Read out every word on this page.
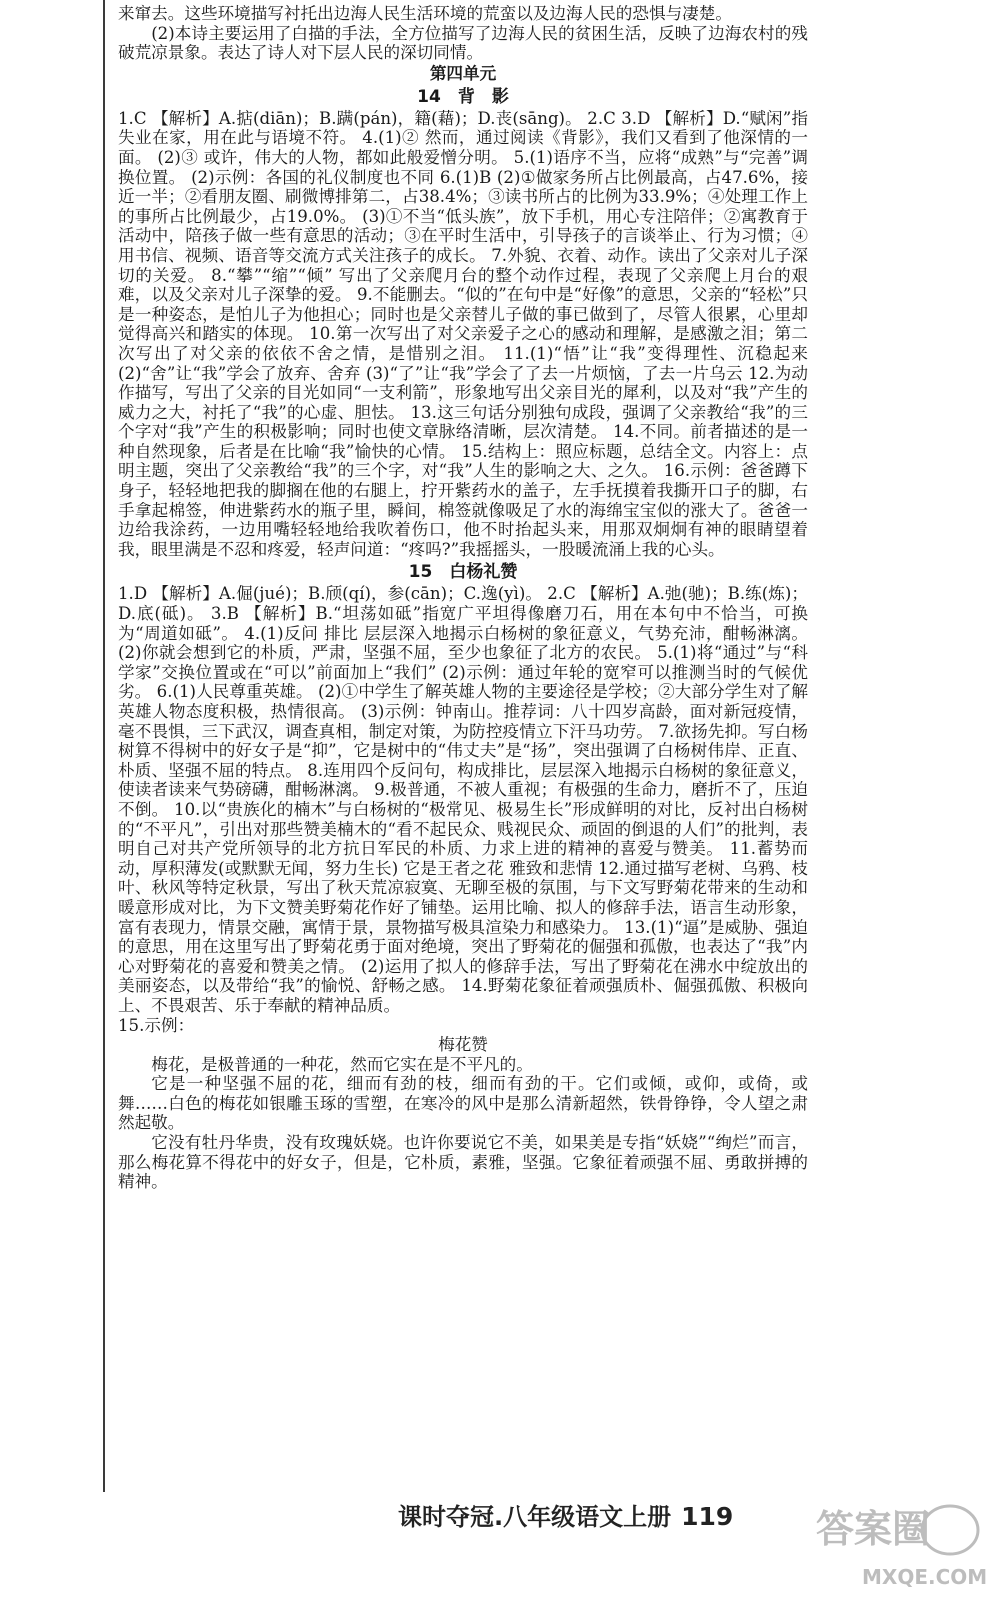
来窜去。这些环境描写衬托出边海人民生活环境的荒蛮以及边海人民的恐惧与凄楚。

(2)本诗主要运用了白描的手法，全方位描写了边海人民的贫困生活，反映了边海农村的残破荒凉景象。表达了诗人对下层人民的深切同情。

第四单元
14　背　影

1.C 【解析】A.掂(diān)；B.蹒(pán)，籍(藉)；D.丧(sāng)。 2.C 3.D 【解析】D.“赋闲”指失业在家，用在此与语境不符。 4.(1)② 然而，通过阅读《背影》，我们又看到了他深情的一面。 (2)③ 或许，伟大的人物，都如此般爱憎分明。 5.(1)语序不当，应将“成熟”与“完善”调换位置。 (2)示例：各国的礼仪制度也不同 6.(1)B (2)①做家务所占比例最高，占47.6%，接近一半；②看朋友圈、刷微博排第二，占38.4%；③读书所占的比例为33.9%；④处理工作上的事所占比例最少，占19.0%。 (3)①不当“低头族”，放下手机，用心专注陪伴；②寓教育于活动中，陪孩子做一些有意思的活动；③在平时生活中，引导孩子的言谈举止、行为习惯；④用书信、视频、语音等交流方式关注孩子的成长。 7.外貌、衣着、动作。读出了父亲对儿子深切的关爱。 8.“攀”“缩”“倾” 写出了父亲爬月台的整个动作过程，表现了父亲爬上月台的艰难，以及父亲对儿子深挚的爱。 9.不能删去。“似的”在句中是“好像”的意思，父亲的“轻松”只是一种姿态，是怕儿子为他担心；同时也是父亲替儿子做的事已做到了，尽管人很累，心里却觉得高兴和踏实的体现。 10.第一次写出了对父亲爱子之心的感动和理解，是感激之泪；第二次写出了对父亲的依依不舍之情，是惜别之泪。 11.(1)“悟”让“我”变得理性、沉稳起来 (2)“舍”让“我”学会了放弃、舍弃 (3)“了”让“我”学会了了去一片烦恼，了去一片乌云 12.为动作描写，写出了父亲的目光如同“一支利箭”，形象地写出父亲目光的犀利，以及对“我”产生的威力之大，衬托了“我”的心虚、胆怯。 13.这三句话分别独句成段，强调了父亲教给“我”的三个字对“我”产生的积极影响；同时也使文章脉络清晰，层次清楚。 14.不同。前者描述的是一种自然现象，后者是在比喻“我”愉快的心情。 15.结构上：照应标题，总结全文。内容上：点明主题，突出了父亲教给“我”的三个字，对“我”人生的影响之大、之久。 16.示例：爸爸蹲下身子，轻轻地把我的脚搁在他的右腿上，拧开紫药水的盖子，左手抚摸着我撕开口子的脚，右手拿起棉签，伸进紫药水的瓶子里，瞬间，棉签就像吸足了水的海绵宝宝似的涨大了。爸爸一边给我涂药，一边用嘴轻轻地给我吹着伤口，他不时抬起头来，用那双炯炯有神的眼睛望着我，眼里满是不忍和疼爱，轻声问道：“疼吗?”我摇摇头，一股暖流涌上我的心头。

15　白杨礼赞

1.D 【解析】A.倔(jué)；B.颀(qí)，参(cān)；C.逸(yì)。 2.C 【解析】A.弛(驰)；B.练(炼)；D.底(砥)。 3.B 【解析】B.“坦荡如砥”指宽广平坦得像磨刀石，用在本句中不恰当，可换为“周道如砥”。 4.(1)反问 排比 层层深入地揭示白杨树的象征意义，气势充沛，酣畅淋漓。 (2)你就会想到它的朴质，严肃，坚强不屈，至少也象征了北方的农民。 5.(1)将“通过”与“科学家”交换位置或在“可以”前面加上“我们” (2)示例：通过年轮的宽窄可以推测当时的气候优劣。 6.(1)人民尊重英雄。 (2)①中学生了解英雄人物的主要途径是学校；②大部分学生对了解英雄人物态度积极，热情很高。 (3)示例：钟南山。推荐词：八十四岁高龄，面对新冠疫情，毫不畏惧，三下武汉，调查真相，制定对策，为防控疫情立下汗马功劳。 7.欲扬先抑。写白杨树算不得树中的好女子是“抑”，它是树中的“伟丈夫”是“扬”，突出强调了白杨树伟岸、正直、朴质、坚强不屈的特点。 8.连用四个反问句，构成排比，层层深入地揭示白杨树的象征意义，使读者读来气势磅礴，酣畅淋漓。 9.极普通，不被人重视；有极强的生命力，磨折不了，压迫不倒。 10.以“贵族化的楠木”与白杨树的“极常见、极易生长”形成鲜明的对比，反衬出白杨树的“不平凡”，引出对那些赞美楠木的“看不起民众、贱视民众、顽固的倒退的人们”的批判，表明自己对共产党所领导的北方抗日军民的朴质、力求上进的精神的喜爱与赞美。 11.蓄势而动，厚积薄发(或默默无闻，努力生长) 它是王者之花 雅致和悲情 12.通过描写老树、乌鸦、枝叶、秋风等特定秋景，写出了秋天荒凉寂寞、无聊至极的氛围，与下文写野菊花带来的生动和暖意形成对比，为下文赞美野菊花作好了铺垫。运用比喻、拟人的修辞手法，语言生动形象，富有表现力，情景交融，寓情于景，景物描写极具渲染力和感染力。 13.(1)“逼”是威胁、强迫的意思，用在这里写出了野菊花勇于面对绝境，突出了野菊花的倔强和孤傲，也表达了“我”内心对野菊花的喜爱和赞美之情。 (2)运用了拟人的修辞手法，写出了野菊花在沸水中绽放出的美丽姿态，以及带给“我”的愉悦、舒畅之感。 14.野菊花象征着顽强质朴、倔强孤傲、积极向上、不畏艰苦、乐于奉献的精神品质。

15.示例：

梅花赞

梅花，是极普通的一种花，然而它实在是不平凡的。

它是一种坚强不屈的花，细而有劲的枝，细而有劲的干。它们或倾，或仰，或倚，或舞……白色的梅花如银雕玉琢的雪塑，在寒冷的风中是那么清新超然，铁骨铮铮，令人望之肃然起敬。

它没有牡丹华贵，没有玫瑰妖娆。也许你要说它不美，如果美是专指“妖娆”“绚烂”而言，那么梅花算不得花中的好女子，但是，它朴质，素雅，坚强。它象征着顽强不屈、勇敢拼搏的精神。

课时夺冠.八年级语文上册 119 答案圈
MXQE.COM
